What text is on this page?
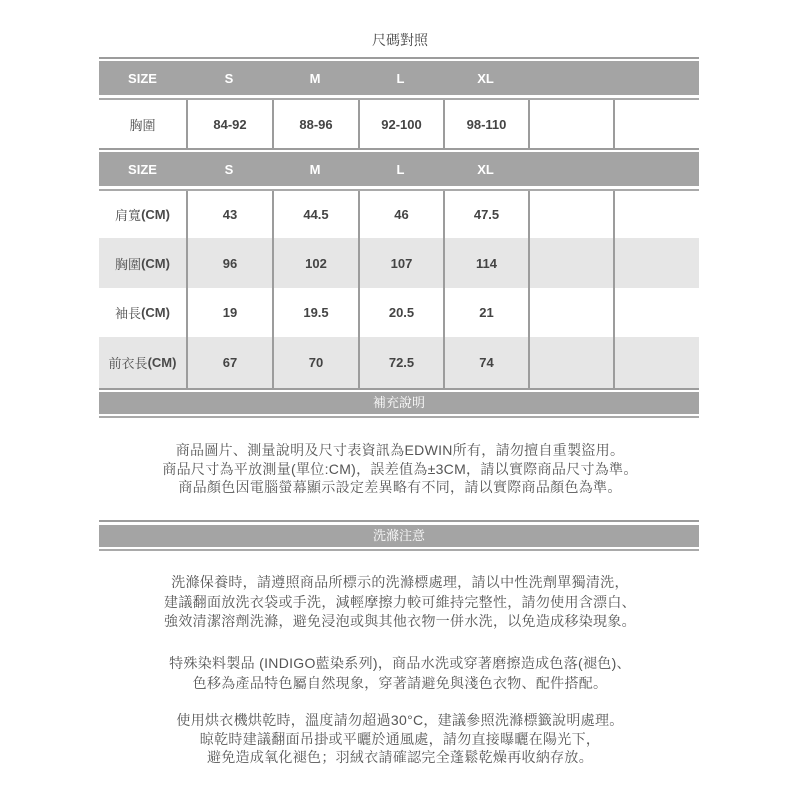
尺碼對照
SIZE	S	M	L	XL
胸圍	84-92	88-96	92-100	98-110
SIZE	S	M	L	XL
肩寬 (CM)	43	44.5	46	47.5
胸圍 (CM)	96	102	107	114
袖長 (CM)	19	19.5	20.5	21
前衣長 (CM)	67	70	72.5	74
補充說明
商品圖片、測量說明及尺寸表資訊為EDWIN所有，請勿擅自重製盜用。
商品尺寸為平放測量(單位:CM)，誤差值為±3CM，請以實際商品尺寸為準。
商品顏色因電腦螢幕顯示設定差異略有不同，請以實際商品顏色為準。
洗滌注意
洗滌保養時，請遵照商品所標示的洗滌標處理，請以中性洗劑單獨清洗，
建議翻面放洗衣袋或手洗，減輕摩擦力較可維持完整性，請勿使用含漂白、
強效清潔溶劑洗滌，避免浸泡或與其他衣物一併水洗，以免造成移染現象。
特殊染料製品 (INDIGO藍染系列)，商品水洗或穿著磨擦造成色落(褪色)、
色移為產品特色屬自然現象，穿著請避免與淺色衣物、配件搭配。
使用烘衣機烘乾時，溫度請勿超過30°C，建議參照洗滌標籤說明處理。
晾乾時建議翻面吊掛或平曬於通風處，請勿直接曝曬在陽光下，
避免造成氧化褪色；羽絨衣請確認完全蓬鬆乾燥再收納存放。
